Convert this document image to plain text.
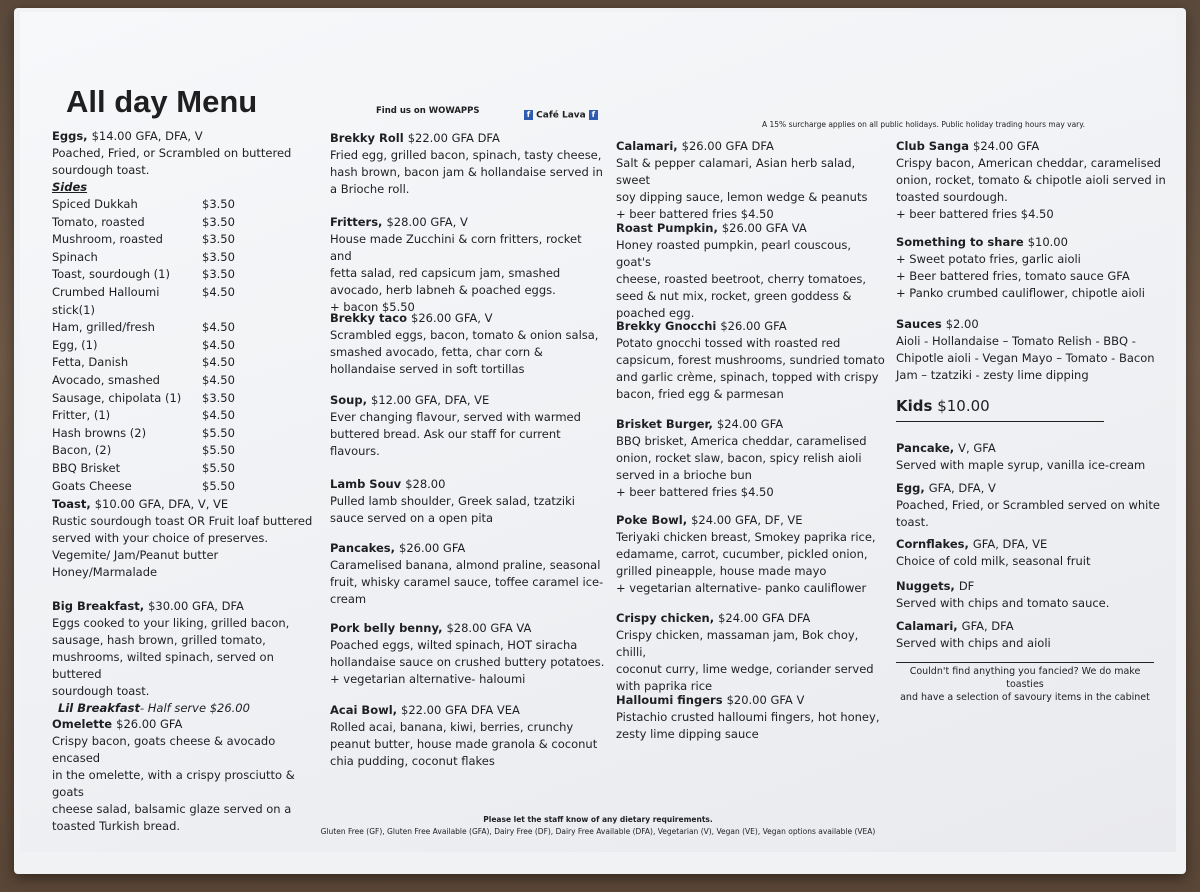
All day Menu	Find us on WOWAPPS	f Café Lava f
A 15% surcharge applies on all public holidays. Public holiday trading hours may vary.
Eggs, $14.00 GFA, DFA, V
Poached, Fried, or Scrambled on buttered
sourdough toast.
Sides
Spiced Dukkah	$3.50
Tomato, roasted	$3.50
Mushroom, roasted	$3.50
Spinach	$3.50
Toast, sourdough (1)	$3.50
Crumbed Halloumi stick(1)
$4.50
Ham, grilled/fresh	$4.50
Egg, (1)	$4.50
Fetta, Danish	$4.50
Avocado, smashed	$4.50
Sausage, chipolata (1)	$3.50
Fritter, (1)	$4.50
Hash browns (2)	$5.50
Bacon, (2)	$5.50
BBQ Brisket	$5.50
Goats Cheese	$5.50
Toast, $10.00 GFA, DFA, V, VE
Rustic sourdough toast OR Fruit loaf buttered
served with your choice of preserves.
Vegemite/ Jam/Peanut butter
Honey/Marmalade
Big Breakfast, $30.00 GFA, DFA
Eggs cooked to your liking, grilled bacon,
sausage, hash brown, grilled tomato,
mushrooms, wilted spinach, served on buttered
sourdough toast.
Lil Breakfast- Half serve $26.00
Omelette $26.00 GFA
Crispy bacon, goats cheese & avocado encased
in the omelette, with a crispy prosciutto & goats
cheese salad, balsamic glaze served on a
toasted Turkish bread.
Brekky Roll $22.00 GFA DFA
Fried egg, grilled bacon, spinach, tasty cheese,
hash brown, bacon jam & hollandaise served in
a Brioche roll.
Fritters, $28.00 GFA, V
House made Zucchini & corn fritters, rocket and
fetta salad, red capsicum jam, smashed
avocado, herb labneh & poached eggs.
+ bacon $5.50
Brekky taco $26.00 GFA, V
Scrambled eggs, bacon, tomato & onion salsa,
smashed avocado, fetta, char corn &
hollandaise served in soft tortillas
Soup, $12.00 GFA, DFA, VE
Ever changing flavour, served with warmed
buttered bread. Ask our staff for current
flavours.
Lamb Souv $28.00
Pulled lamb shoulder, Greek salad, tzatziki
sauce served on a open pita
Pancakes, $26.00 GFA
Caramelised banana, almond praline, seasonal
fruit, whisky caramel sauce, toffee caramel ice-
cream
Pork belly benny, $28.00 GFA VA
Poached eggs, wilted spinach, HOT siracha
hollandaise sauce on crushed buttery potatoes.
+ vegetarian alternative- haloumi
Acai Bowl, $22.00 GFA DFA VEA
Rolled acai, banana, kiwi, berries, crunchy
peanut butter, house made granola & coconut
chia pudding, coconut flakes
Calamari, $26.00 GFA DFA
Salt & pepper calamari, Asian herb salad, sweet
soy dipping sauce, lemon wedge & peanuts
+ beer battered fries $4.50
Roast Pumpkin, $26.00 GFA VA
Honey roasted pumpkin, pearl couscous, goat's
cheese, roasted beetroot, cherry tomatoes,
seed & nut mix, rocket, green goddess &
poached egg.
Brekky Gnocchi $26.00 GFA
Potato gnocchi tossed with roasted red
capsicum, forest mushrooms, sundried tomato
and garlic crème, spinach, topped with crispy
bacon, fried egg & parmesan
Brisket Burger, $24.00 GFA
BBQ brisket, America cheddar, caramelised
onion, rocket slaw, bacon, spicy relish aioli
served in a brioche bun
+ beer battered fries $4.50
Poke Bowl, $24.00 GFA, DF, VE
Teriyaki chicken breast, Smokey paprika rice,
edamame, carrot, cucumber, pickled onion,
grilled pineapple, house made mayo
+ vegetarian alternative- panko cauliflower
Crispy chicken, $24.00 GFA DFA
Crispy chicken, massaman jam, Bok choy, chilli,
coconut curry, lime wedge, coriander served
with paprika rice
Halloumi fingers $20.00 GFA V
Pistachio crusted halloumi fingers, hot honey,
zesty lime dipping sauce
Club Sanga $24.00 GFA
Crispy bacon, American cheddar, caramelised
onion, rocket, tomato & chipotle aioli served in
toasted sourdough.
+ beer battered fries $4.50
Something to share $10.00
+ Sweet potato fries, garlic aioli
+ Beer battered fries, tomato sauce GFA
+ Panko crumbed cauliflower, chipotle aioli
Sauces $2.00
Aioli - Hollandaise – Tomato Relish - BBQ -
Chipotle aioli - Vegan Mayo – Tomato - Bacon
Jam – tzatziki - zesty lime dipping
Kids $10.00
Pancake, V, GFA
Served with maple syrup, vanilla ice-cream
Egg, GFA, DFA, V
Poached, Fried, or Scrambled served on white
toast.
Cornflakes, GFA, DFA, VE
Choice of cold milk, seasonal fruit
Nuggets, DF
Served with chips and tomato sauce.
Calamari, GFA, DFA
Served with chips and aioli
Couldn't find anything you fancied? We do make toasties
and have a selection of savoury items in the cabinet
Please let the staff know of any dietary requirements.
Gluten Free (GF), Gluten Free Available (GFA), Dairy Free (DF), Dairy Free Available (DFA), Vegetarian (V), Vegan (VE), Vegan options available (VEA)
